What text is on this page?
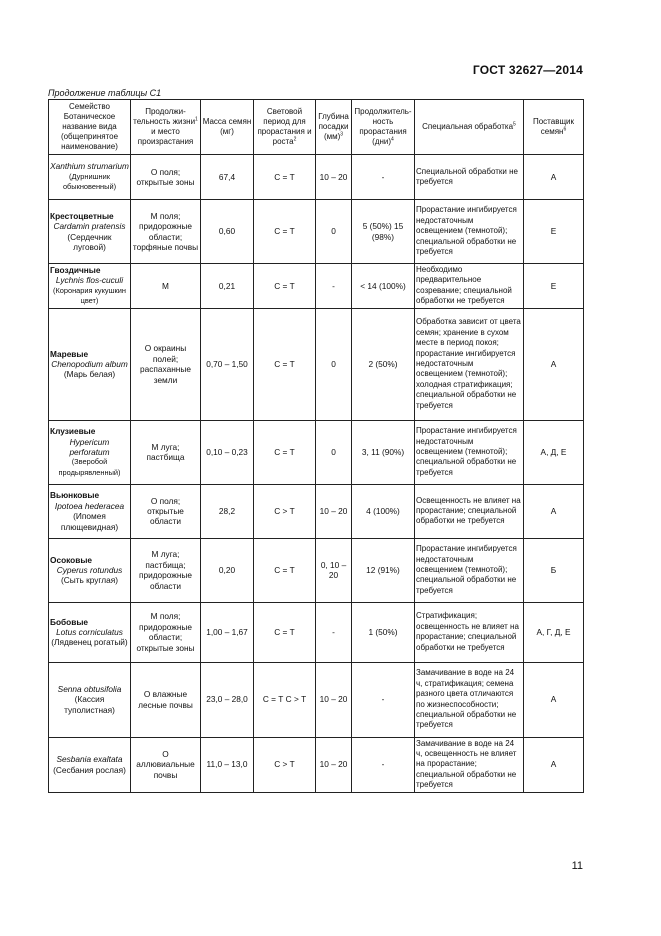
ГОСТ 32627—2014
Продолжение таблицы С1
Семейство Ботаническое название вида (общепринятое наименование)	Продолжи-тельность жизни$^1$ и место произрастания	Масса семян (мг)	Световой период для прорастания и роста$^2$	Глубина посадки (мм)$^3$	Продолжитель-ность прорастания (дни)$^4$	Специальная обработка$^5$	Поставщик семян$^6$

Xanthium strumarium
(Дурнишник обыкновенный)	О поля; открытые зоны	67,4	С = Т	10 – 20	-	Специальной обработки не требуется	А

Крестоцветные
Cardamin pratensis
(Сердечник луговой)	М поля; придорожные области; торфяные почвы	0,60	С = Т	0	5 (50%) 15 (98%)	Прорастание ингибируется недостаточным освещением (темнотой); специальной обработки не требуется	Е

Гвоздичные
Lychnis flos-cuculi
(Коронария кукушкин цвет)	М	0,21	С = Т	-	< 14 (100%)	Необходимо предварительное созревание; специальной обработки не требуется	Е

Маревые
Chenopodium album
(Марь белая)	О окраины полей; распаханные земли	0,70 – 1,50	С = Т	0	2 (50%)	Обработка зависит от цвета семян; хранение в сухом месте в период покоя; прорастание ингибируется недостаточным освещением (темнотой); холодная стратификация; специальной обработки не требуется	А

Клузиевые
Hypericum perforatum
(Зверобой продырявленный)	М луга; пастбища	0,10 – 0,23	С = Т	0	3, 11 (90%)	Прорастание ингибируется недостаточным освещением (темнотой); специальной обработки не требуется	А, Д, Е

Вьюнковые
Ipotoea hederacea
(Ипомея плющевидная)	О поля; открытые области	28,2	С > Т	10 – 20	4 (100%)	Освещенность не влияет на прорастание; специальной обработки не требуется	А

Осоковые
Cyperus rotundus
(Сыть круглая)	М луга; пастбища; придорожные области	0,20	С = Т	0, 10 – 20	12 (91%)	Прорастание ингибируется недостаточным освещением (темнотой); специальной обработки не требуется	Б

Бобовые
Lotus corniculatus
(Лядвенец рогатый)	М поля; придорожные области; открытые зоны	1,00 – 1,67	С = Т	-	1 (50%)	Стратификация; освещенность не влияет на прорастание; специальной обработки не требуется	А, Г, Д, Е

Senna obtusifolia
(Кассия туполистная)	О влажные лесные почвы	23,0 – 28,0	С = Т С > Т	10 – 20	-	Замачивание в воде на 24 ч, стратификация; семена разного цвета отличаются по жизнеспособности; специальной обработки не требуется	А

Sesbania exaltata
(Сесбания рослая)	О аллювиальные почвы	11,0 – 13,0	С > Т	10 – 20	-	Замачивание в воде на 24 ч, освещенность не влияет на прорастание; специальной обработки не требуется	А
11
